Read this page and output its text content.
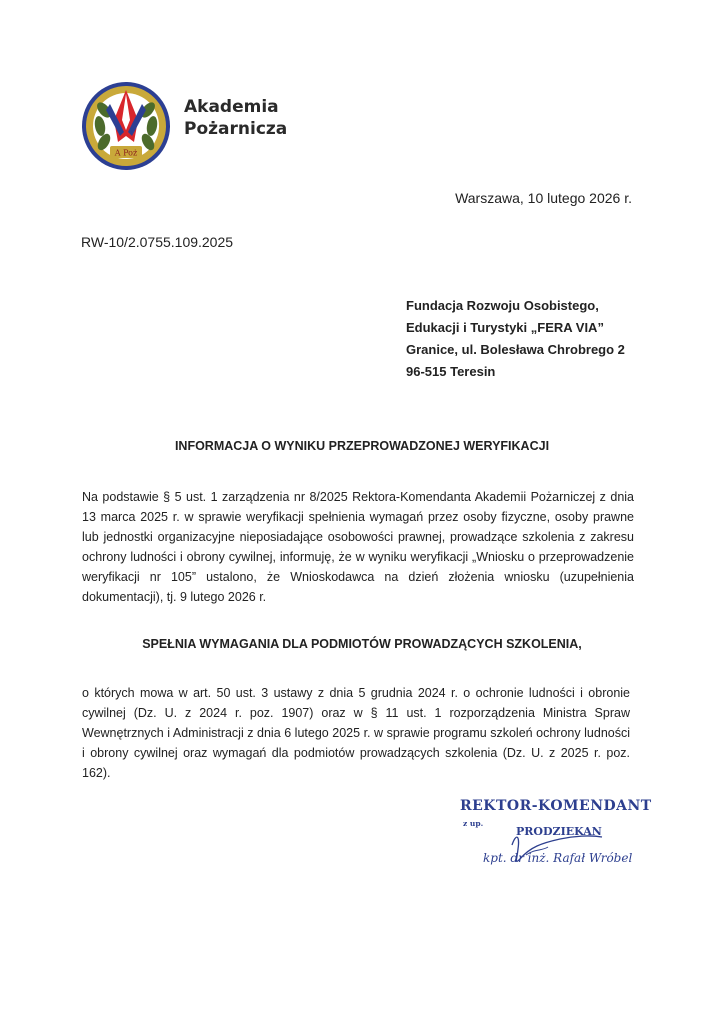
A Poż
Akademia
Pożarnicza
Warszawa, 10 lutego 2026 r.
RW-10/2.0755.109.2025
Fundacja Rozwoju Osobistego,
Edukacji i Turystyki „FERA VIA”
Granice, ul. Bolesława Chrobrego 2
96-515 Teresin
INFORMACJA O WYNIKU PRZEPROWADZONEJ WERYFIKACJI
Na podstawie § 5 ust. 1 zarządzenia nr 8/2025 Rektora-Komendanta Akademii Pożarniczej z dnia 13 marca 2025 r. w sprawie weryfikacji spełnienia wymagań przez osoby fizyczne, osoby prawne lub jednostki organizacyjne nieposiadające osobowości prawnej, prowadzące szkolenia z zakresu ochrony ludności i obrony cywilnej, informuję, że w wyniku weryfikacji „Wniosku o przeprowadzenie weryfikacji nr 105” ustalono, że Wnioskodawca na dzień złożenia wniosku (uzupełnienia dokumentacji), tj. 9 lutego 2026 r.
SPEŁNIA WYMAGANIA DLA PODMIOTÓW PROWADZĄCYCH SZKOLENIA,
o których mowa w art. 50 ust. 3 ustawy z dnia 5 grudnia 2024 r. o ochronie ludności i obronie cywilnej (Dz. U. z 2024 r. poz. 1907) oraz w § 11 ust. 1 rozporządzenia Ministra Spraw Wewnętrznych i Administracji z dnia 6 lutego 2025 r. w sprawie programu szkoleń ochrony ludności i obrony cywilnej oraz wymagań dla podmiotów prowadzących szkolenia (Dz. U. z 2025 r. poz. 162).
REKTOR-KOMENDANT
z up.
PRODZIEKAN
kpt. dr inż. Rafał Wróbel
